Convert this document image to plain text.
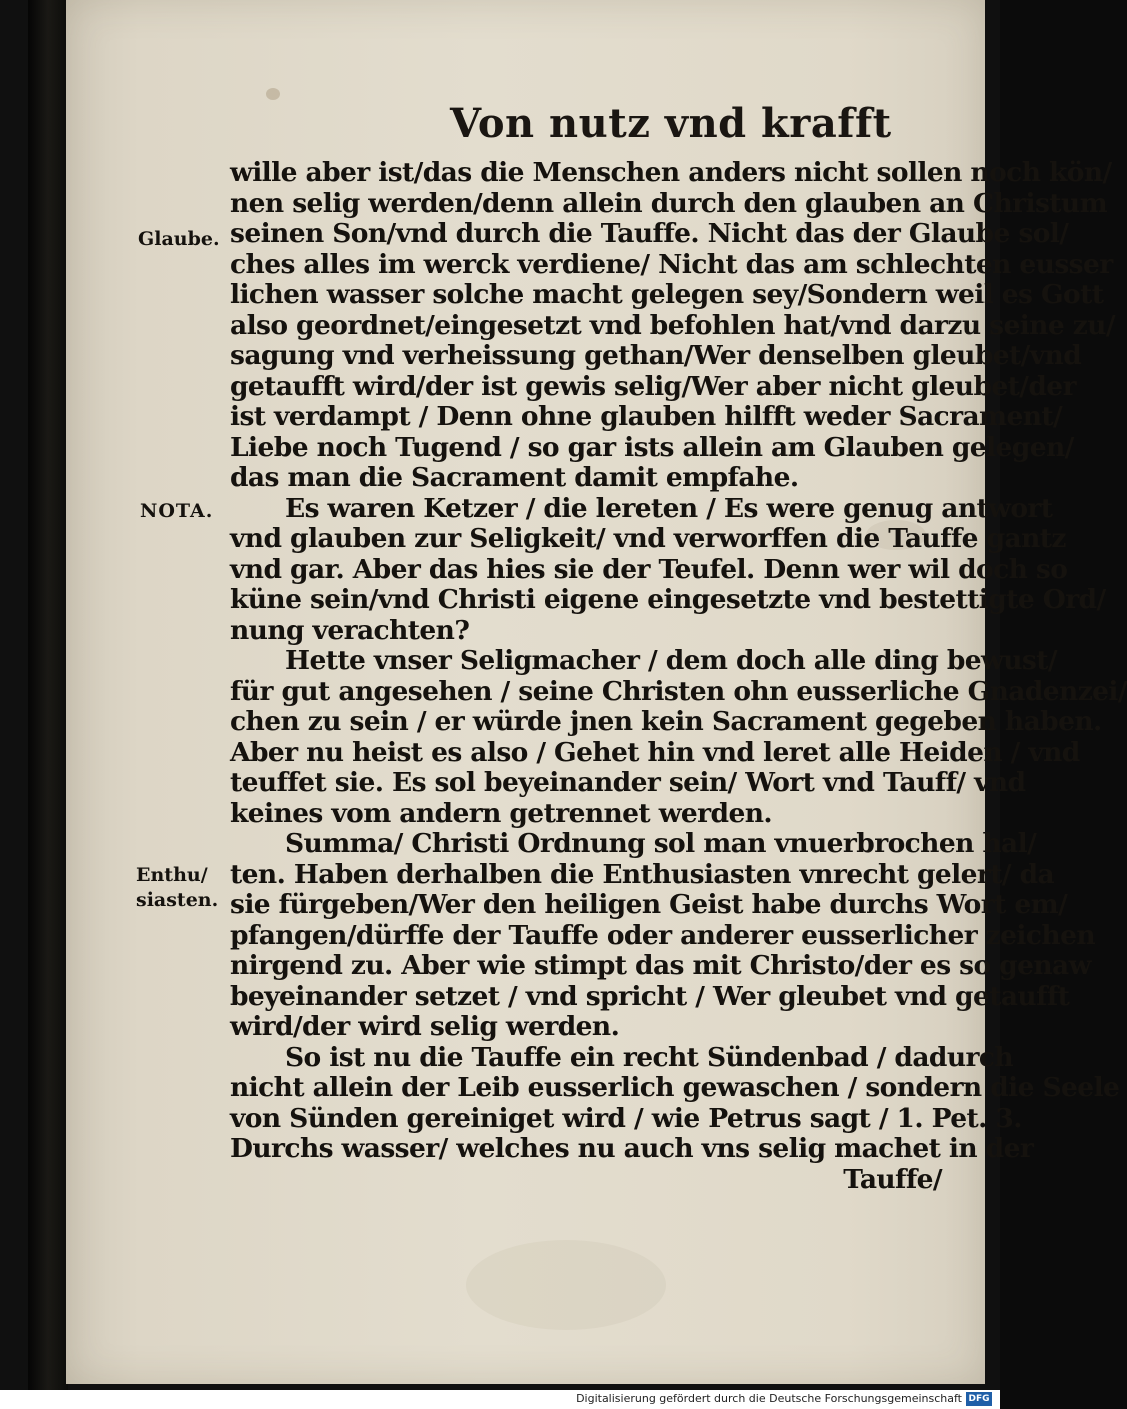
Von nutz vnd krafft
Glaube.
NOTA.
Enthu/
siasten.
wille aber ist/das die Menschen anders nicht sollen noch kön/
nen selig werden/denn allein durch den glauben an Christum
seinen Son/vnd durch die Tauffe. Nicht das der Glaube sol/
ches alles im werck verdiene/ Nicht das am schlechten eusser
lichen wasser solche macht gelegen sey/Sondern weil es Gott
also geordnet/eingesetzt vnd befohlen hat/vnd darzu seine zu/
sagung vnd verheissung gethan/Wer denselben gleubet/vnd
getaufft wird/der ist gewis selig/Wer aber nicht gleubet/der
ist verdampt / Denn ohne glauben hilfft weder Sacrament/
Liebe noch Tugend / so gar ists allein am Glauben gelegen/
das man die Sacrament damit empfahe.
Es waren Ketzer / die lereten / Es were genug antwort
vnd glauben zur Seligkeit/ vnd verworffen die Tauffe gantz
vnd gar. Aber das hies sie der Teufel. Denn wer wil doch so
küne sein/vnd Christi eigene eingesetzte vnd bestettigte Ord/
nung verachten?
Hette vnser Seligmacher / dem doch alle ding bewust/
für gut angesehen / seine Christen ohn eusserliche Gnadenzei/
chen zu sein / er würde jnen kein Sacrament gegeben haben.
Aber nu heist es also / Gehet hin vnd leret alle Heiden / vnd
teuffet sie. Es sol beyeinander sein/ Wort vnd Tauff/ vnd
keines vom andern getrennet werden.
Summa/ Christi Ordnung sol man vnuerbrochen hal/
ten. Haben derhalben die Enthusiasten vnrecht gelert/ da
sie fürgeben/Wer den heiligen Geist habe durchs Wort em/
pfangen/dürffe der Tauffe oder anderer eusserlicher zeichen
nirgend zu. Aber wie stimpt das mit Christo/der es so genaw
beyeinander setzet / vnd spricht / Wer gleubet vnd getaufft
wird/der wird selig werden.
So ist nu die Tauffe ein recht Sündenbad / dadurch
nicht allein der Leib eusserlich gewaschen / sondern die Seele
von Sünden gereiniget wird / wie Petrus sagt / 1. Pet. 3.
Durchs wasser/ welches nu auch vns selig machet in der
Tauffe/
Digitalisierung gefördert durch die Deutsche Forschungsgemeinschaft DFG
